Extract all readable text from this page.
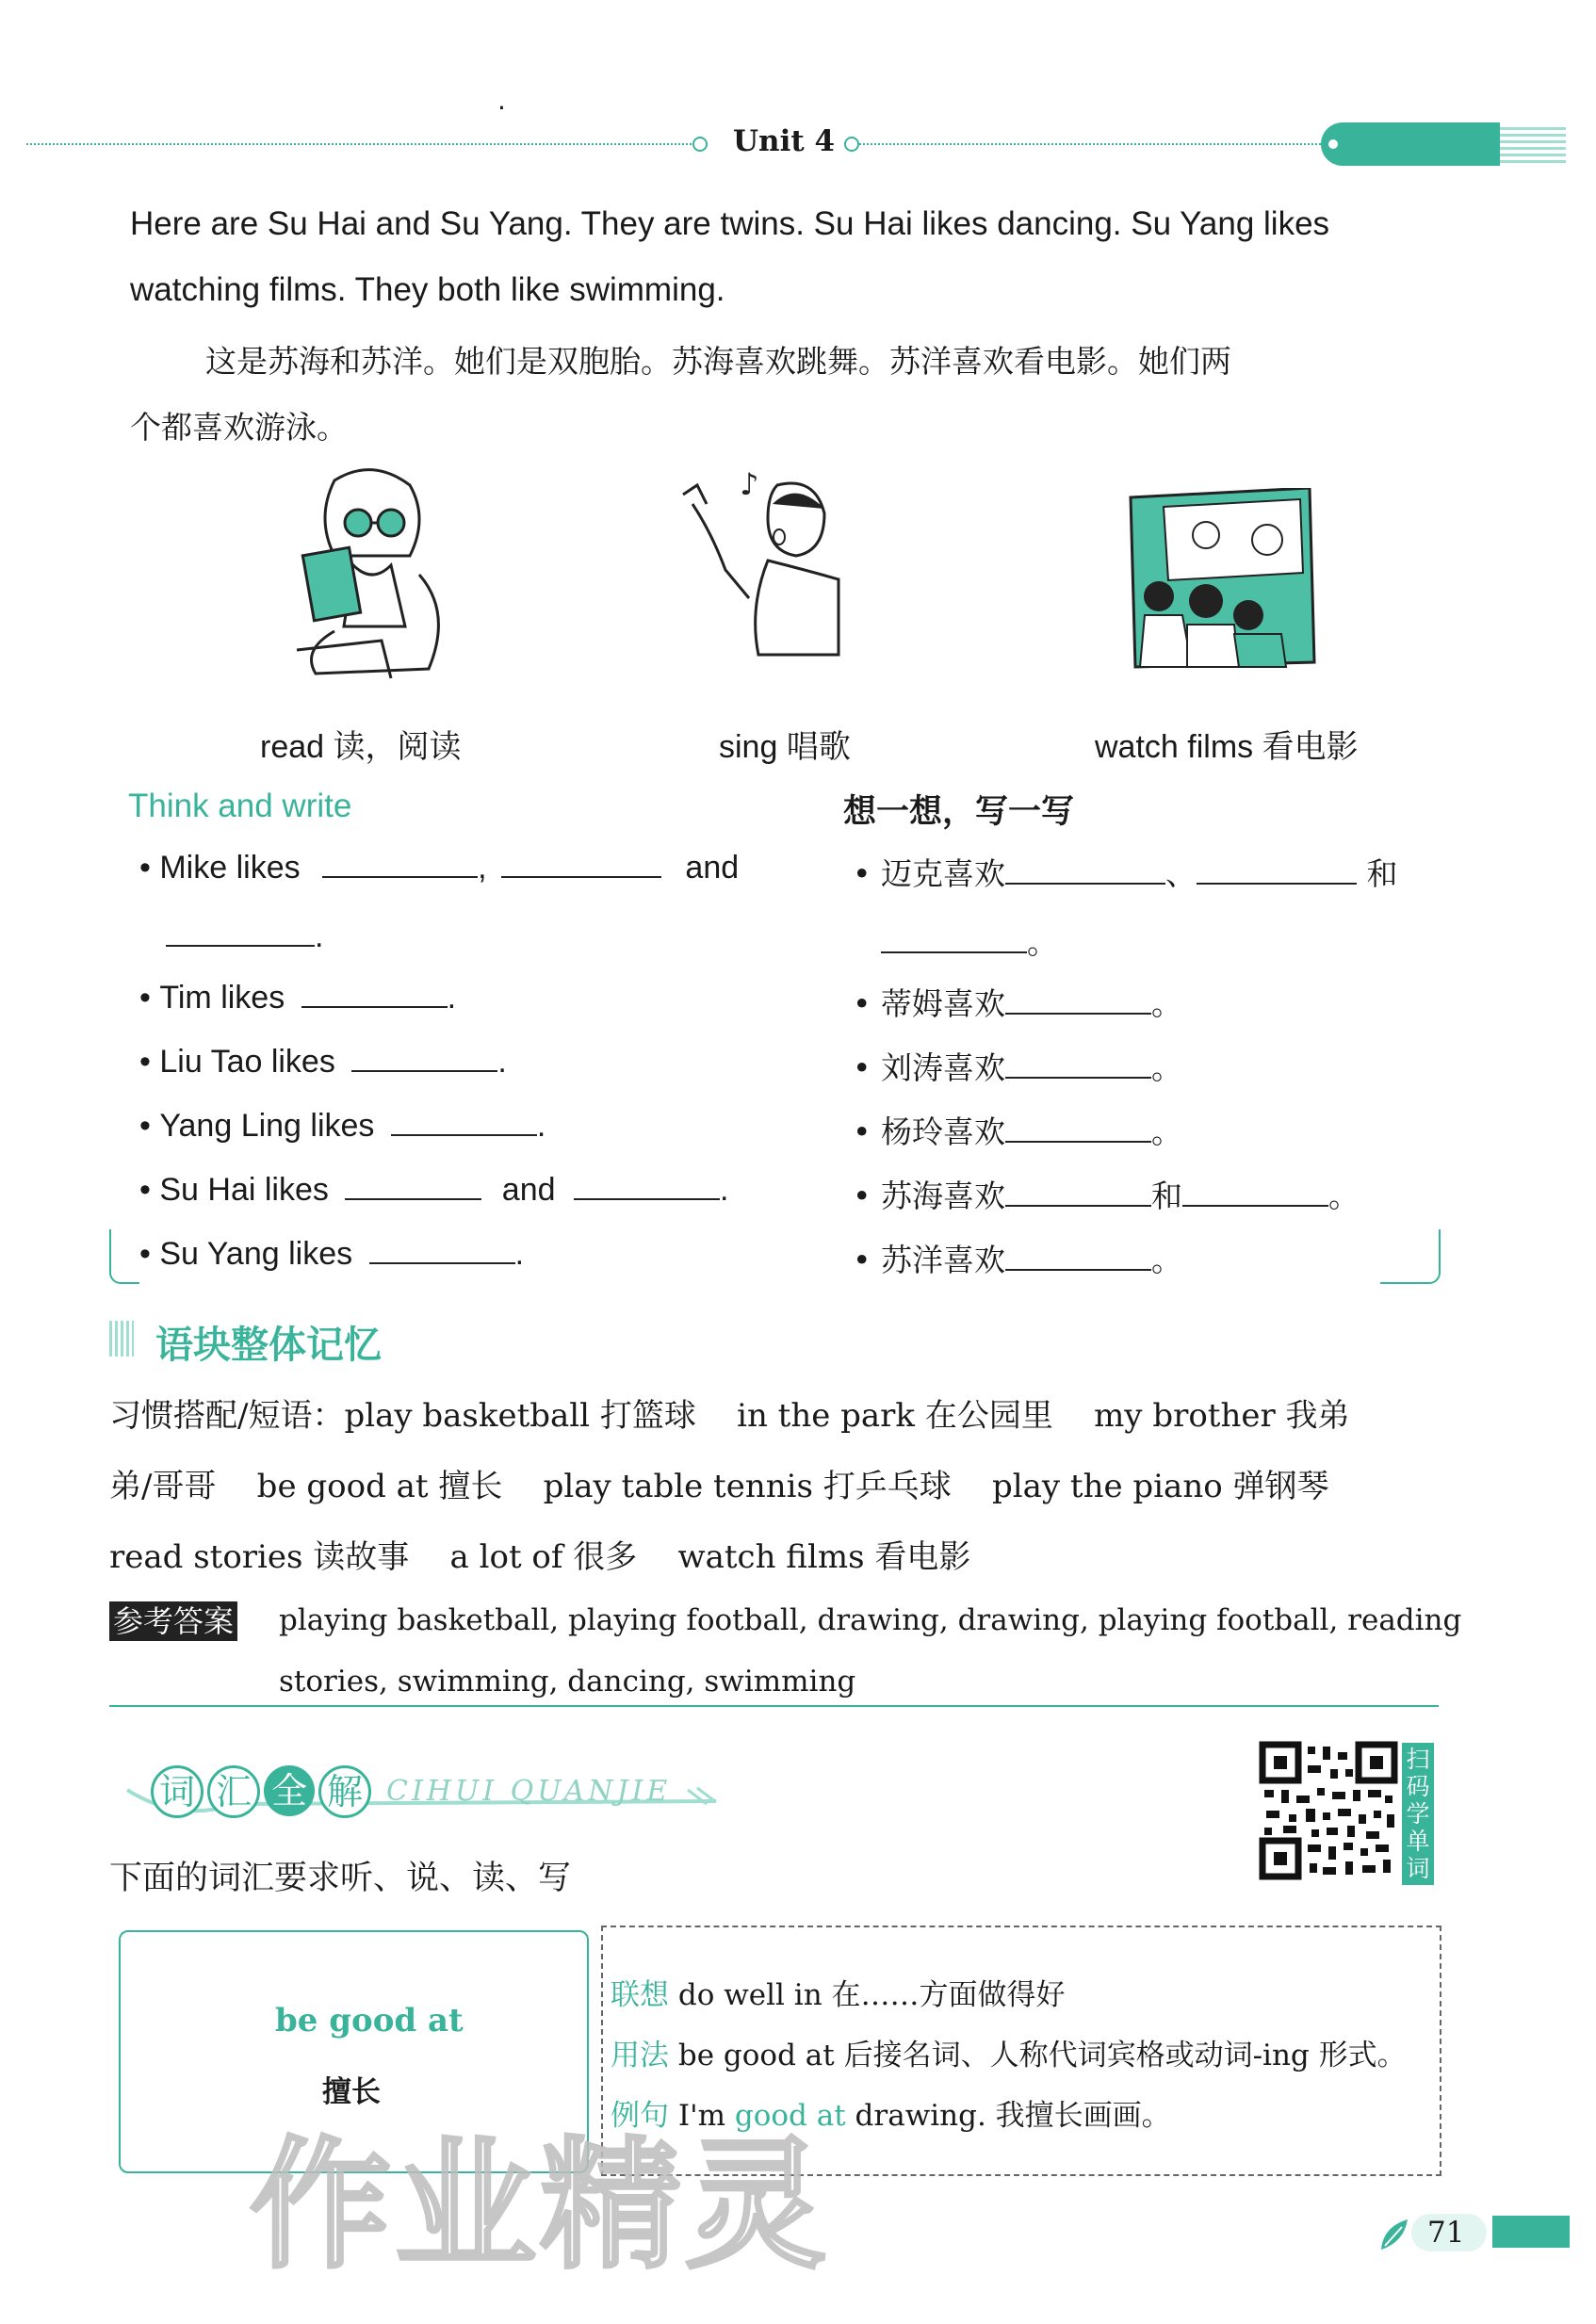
.
Unit 4
Here are Su Hai and Su Yang. They are twins. Su Hai likes dancing. Su Yang likes
watching films. They both like swimming.
这是苏海和苏洋。她们是双胞胎。苏海喜欢跳舞。苏洋喜欢看电影。她们两
个都喜欢游泳。
♪
read 读，阅读	sing 唱歌	watch films 看电影
Think and write	想一想，写一写
• Mike likes	,	and
.
• Tim likes	.
• Liu Tao likes	.
• Yang Ling likes	.
• Su Hai likes	and	.
• Su Yang likes	.
• 迈克喜欢	、	和
。
• 蒂姆喜欢	。
• 刘涛喜欢	。
• 杨玲喜欢	。
• 苏海喜欢	和	。
• 苏洋喜欢	。
语块整体记忆
习惯搭配/短语：play basketball 打篮球    in the park 在公园里    my brother 我弟
弟/哥哥    be good at 擅长    play table tennis 打乒乓球    play the piano 弹钢琴
read stories 读故事    a lot of 很多    watch films 看电影
参考答案 playing basketball, playing football, drawing, drawing, playing football, reading
stories, swimming, dancing, swimming
词 汇 全 解 CIHUI QUANJIE
扫码学单词
下面的词汇要求听、说、读、写
be good at
擅长
联想 do well in 在……方面做得好
用法 be good at 后接名词、人称代词宾格或动词-ing 形式。
例句 I'm good at drawing. 我擅长画画。
作业精灵	71
